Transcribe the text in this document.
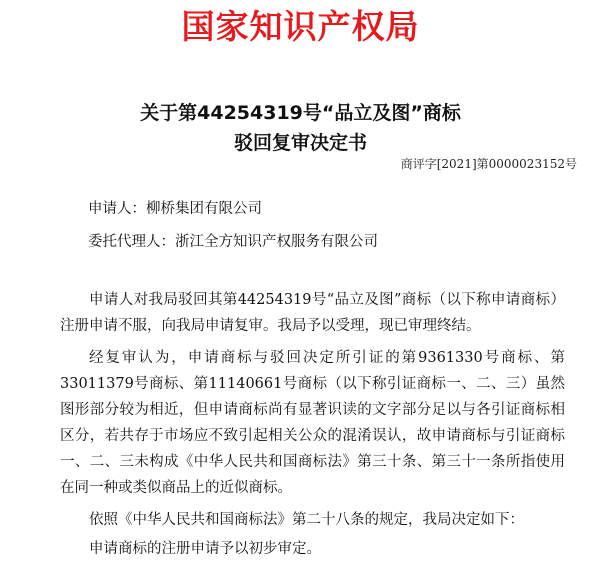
国家知识产权局
关于第44254319号“品立及图”商标
驳回复审决定书
商评字[2021]第0000023152号
申请人：柳桥集团有限公司
委托代理人：浙江全方知识产权服务有限公司

申请人对我局驳回其第44254319号“品立及图”商标（以下称申请商标）注册申请不服，向我局申请复审。我局予以受理，现已审理终结。

经复审认为，申请商标与驳回决定所引证的第9361330号商标、第33011379号商标、第11140661号商标（以下称引证商标一、二、三）虽然图形部分较为相近，但申请商标尚有显著识读的文字部分足以与各引证商标相区分，若共存于市场应不致引起相关公众的混淆误认，故申请商标与引证商标一、二、三未构成《中华人民共和国商标法》第三十条、第三十一条所指使用在同一种或类似商品上的近似商标。

依照《中华人民共和国商标法》第二十八条的规定，我局决定如下：

申请商标的注册申请予以初步审定。
